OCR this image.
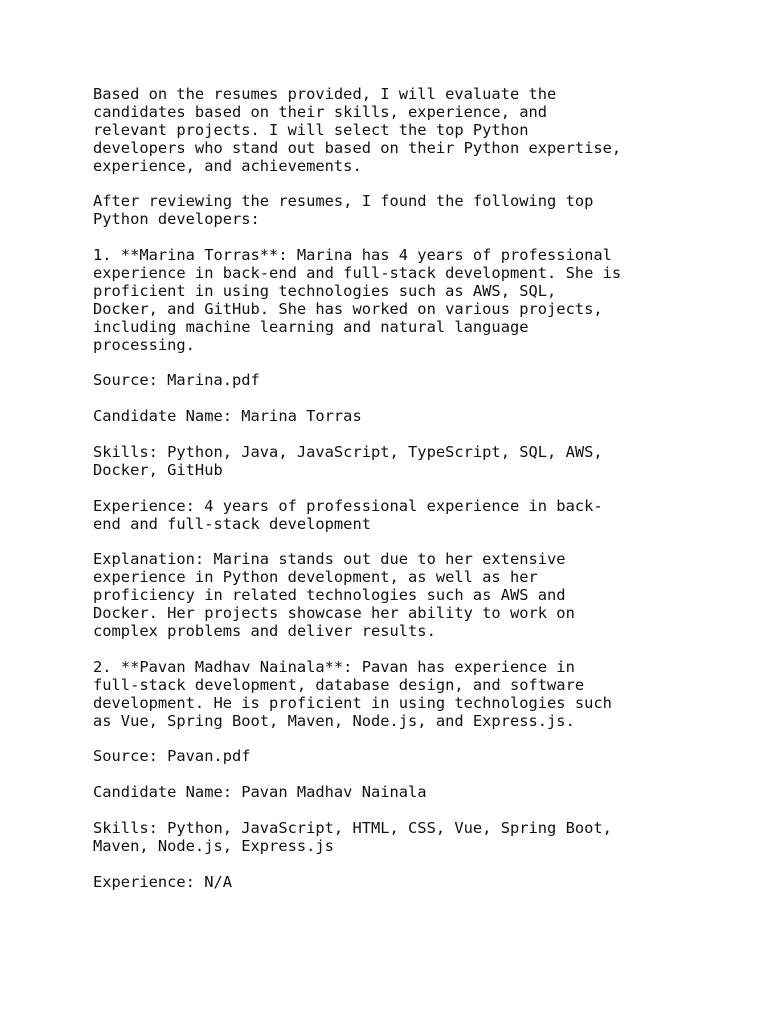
Based on the resumes provided, I will evaluate the
candidates based on their skills, experience, and
relevant projects. I will select the top Python
developers who stand out based on their Python expertise,
experience, and achievements.

After reviewing the resumes, I found the following top
Python developers:

1. **Marina Torras**: Marina has 4 years of professional
experience in back-end and full-stack development. She is
proficient in using technologies such as AWS, SQL,
Docker, and GitHub. She has worked on various projects,
including machine learning and natural language
processing.

Source: Marina.pdf

Candidate Name: Marina Torras

Skills: Python, Java, JavaScript, TypeScript, SQL, AWS,
Docker, GitHub

Experience: 4 years of professional experience in back-
end and full-stack development

Explanation: Marina stands out due to her extensive
experience in Python development, as well as her
proficiency in related technologies such as AWS and
Docker. Her projects showcase her ability to work on
complex problems and deliver results.

2. **Pavan Madhav Nainala**: Pavan has experience in
full-stack development, database design, and software
development. He is proficient in using technologies such
as Vue, Spring Boot, Maven, Node.js, and Express.js.

Source: Pavan.pdf

Candidate Name: Pavan Madhav Nainala

Skills: Python, JavaScript, HTML, CSS, Vue, Spring Boot,
Maven, Node.js, Express.js

Experience: N/A
